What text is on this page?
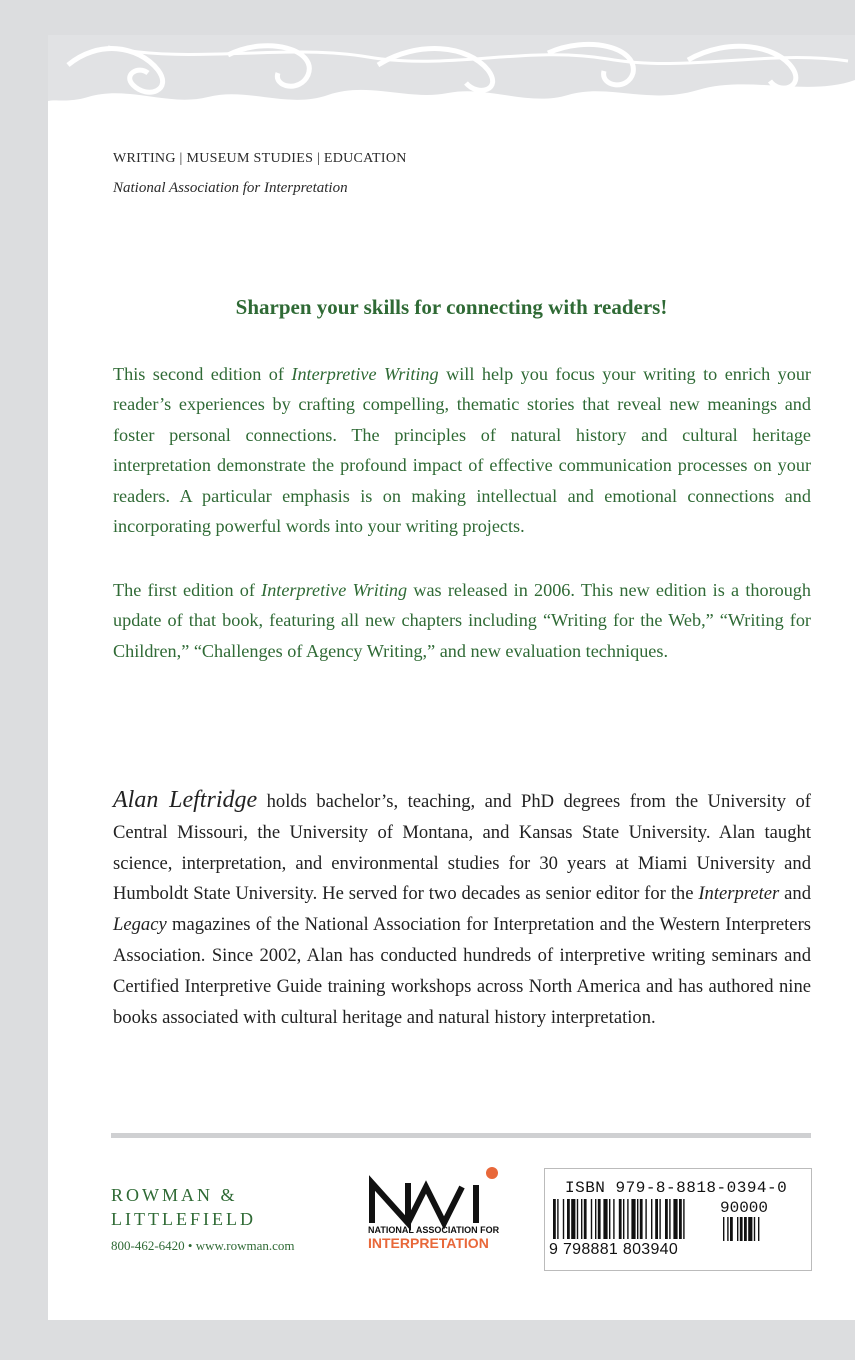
WRITING | MUSEUM STUDIES | EDUCATION
National Association for Interpretation
Sharpen your skills for connecting with readers!

This second edition of Interpretive Writing will help you focus your writing to enrich your reader’s experiences by crafting compelling, thematic stories that reveal new meanings and foster personal connections. The principles of natural history and cultural heritage interpretation demonstrate the profound impact of effective communication processes on your readers. A particular emphasis is on making intellectual and emotional connections and incorporating powerful words into your writing projects.

The first edition of Interpretive Writing was released in 2006. This new edition is a thorough update of that book, featuring all new chapters including “Writing for the Web,” “Writing for Children,” “Challenges of Agency Writing,” and new evaluation techniques.

Alan Leftridge holds bachelor’s, teaching, and PhD degrees from the University of Central Missouri, the University of Montana, and Kansas State University. Alan taught science, interpretation, and environmental studies for 30 years at Miami University and Humboldt State University. He served for two decades as senior editor for the Interpreter and Legacy magazines of the National Association for Interpretation and the Western Interpreters Association. Since 2002, Alan has conducted hundreds of interpretive writing seminars and Certified Interpretive Guide training workshops across North America and has authored nine books associated with cultural heritage and natural history interpretation.

ROWMAN &
LITTLEFIELD
800-462-6420 • www.rowman.com
NATIONAL ASSOCIATION FOR
INTERPRETATION
ISBN 979-8-8818-0394-0
90000
9 798881 803940
